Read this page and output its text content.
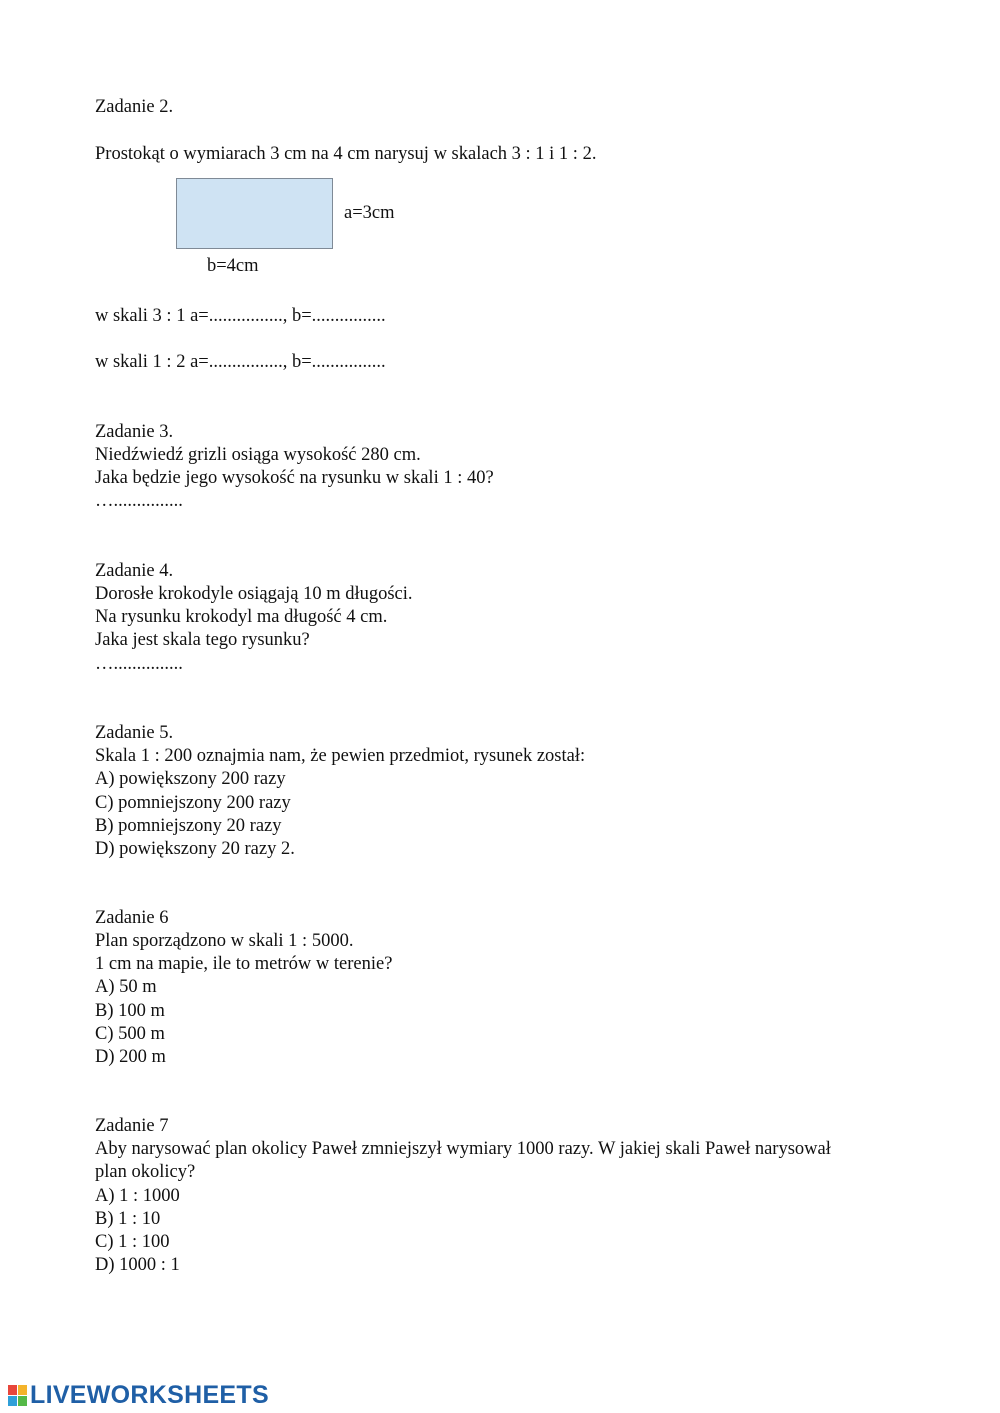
Zadanie 2.
Prostokąt o wymiarach 3 cm na 4 cm narysuj w skalach 3 : 1 i 1 : 2.
a=3cm
b=4cm
w skali 3 : 1 a=................, b=................
w skali 1 : 2 a=................, b=................
Zadanie 3.
Niedźwiedź grizli osiąga wysokość 280 cm.
Jaka będzie jego wysokość na rysunku w skali 1 : 40?
…...............
Zadanie 4.
Dorosłe krokodyle osiągają 10 m długości.
Na rysunku krokodyl ma długość 4 cm.
Jaka jest skala tego rysunku?
…...............
Zadanie 5.
Skala 1 : 200 oznajmia nam, że pewien przedmiot, rysunek został:
A) powiększony 200 razy
C) pomniejszony 200 razy
B) pomniejszony 20 razy
D) powiększony 20 razy 2.
Zadanie 6
Plan sporządzono w skali 1 : 5000.
1 cm na mapie, ile to metrów w terenie?
A) 50 m
B) 100 m
C) 500 m
D) 200 m
Zadanie 7
Aby narysować plan okolicy Paweł zmniejszył wymiary 1000 razy. W jakiej skali Paweł narysował
plan okolicy?
A) 1 : 1000
B) 1 : 10
C) 1 : 100
D) 1000 : 1
LIVEWORKSHEETS
